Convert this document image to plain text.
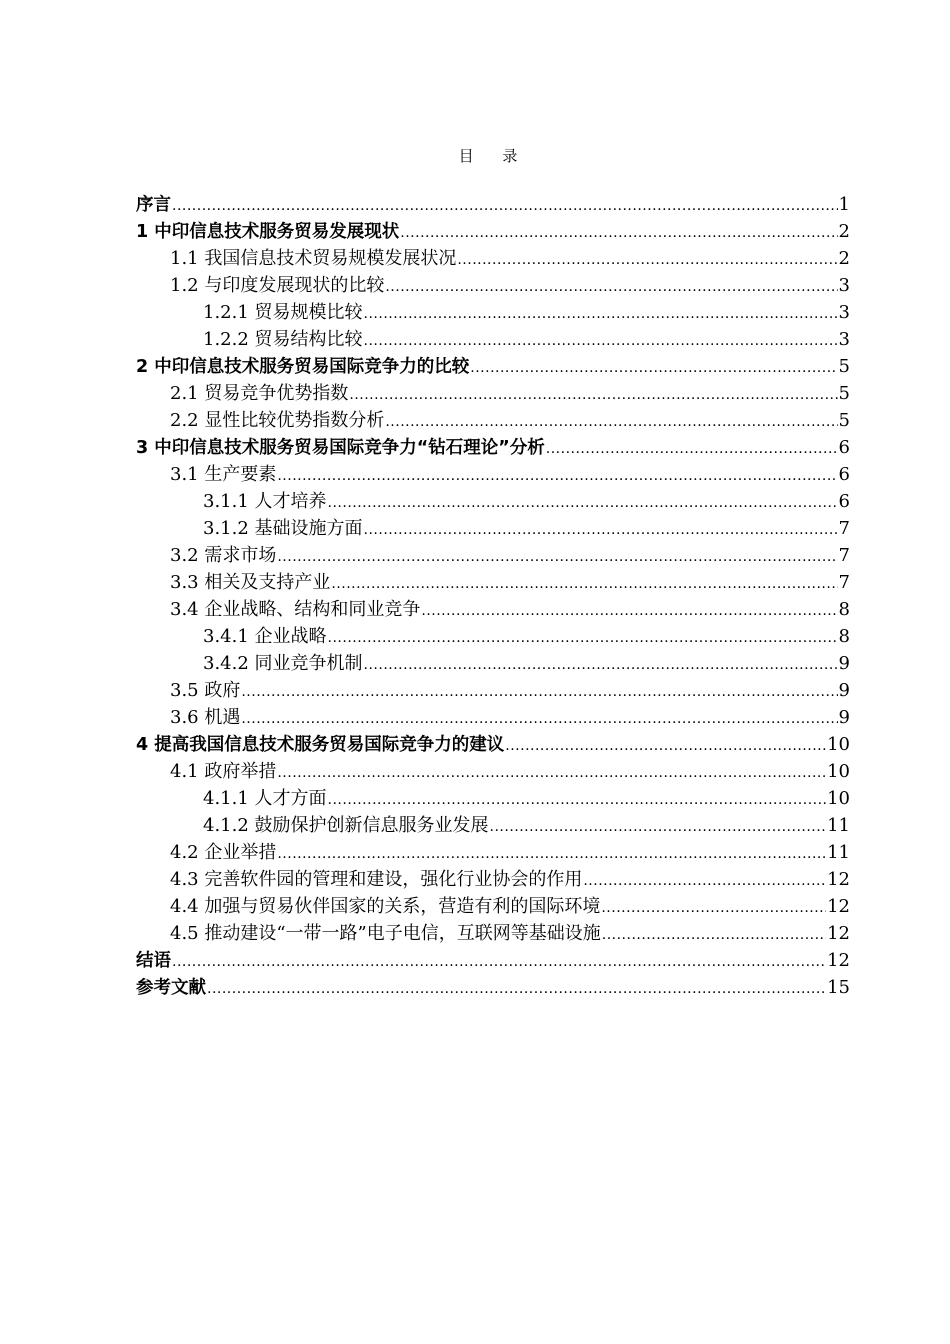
目 录
序言 .....	1
1 中印信息技术服务贸易发展现状 .....	2
1.1 我国信息技术贸易规模发展状况 .....	2
1.2 与印度发展现状的比较 .....	3
1.2.1 贸易规模比较 .....	3
1.2.2 贸易结构比较 .....	3
2 中印信息技术服务贸易国际竞争力的比较 .....	5
2.1 贸易竞争优势指数 .....	5
2.2 显性比较优势指数分析 .....	5
3 中印信息技术服务贸易国际竞争力“钻石理论”分析 .....	6
3.1 生产要素 .....	6
3.1.1 人才培养 .....	6
3.1.2 基础设施方面 .....	7
3.2 需求市场 .....	7
3.3 相关及支持产业 .....	7
3.4 企业战略、结构和同业竞争 .....	8
3.4.1 企业战略 .....	8
3.4.2 同业竞争机制 .....	9
3.5 政府 .....	9
3.6 机遇 .....	9
4 提高我国信息技术服务贸易国际竞争力的建议 .....	10
4.1 政府举措 .....	10
4.1.1 人才方面 .....	10
4.1.2 鼓励保护创新信息服务业发展 .....	11
4.2 企业举措 .....	11
4.3 完善软件园的管理和建设，强化行业协会的作用 .....	12
4.4 加强与贸易伙伴国家的关系，营造有利的国际环境 .....	12
4.5 推动建设“一带一路”电子电信，互联网等基础设施 .....	12
结语 .....	12
参考文献 .....	15
